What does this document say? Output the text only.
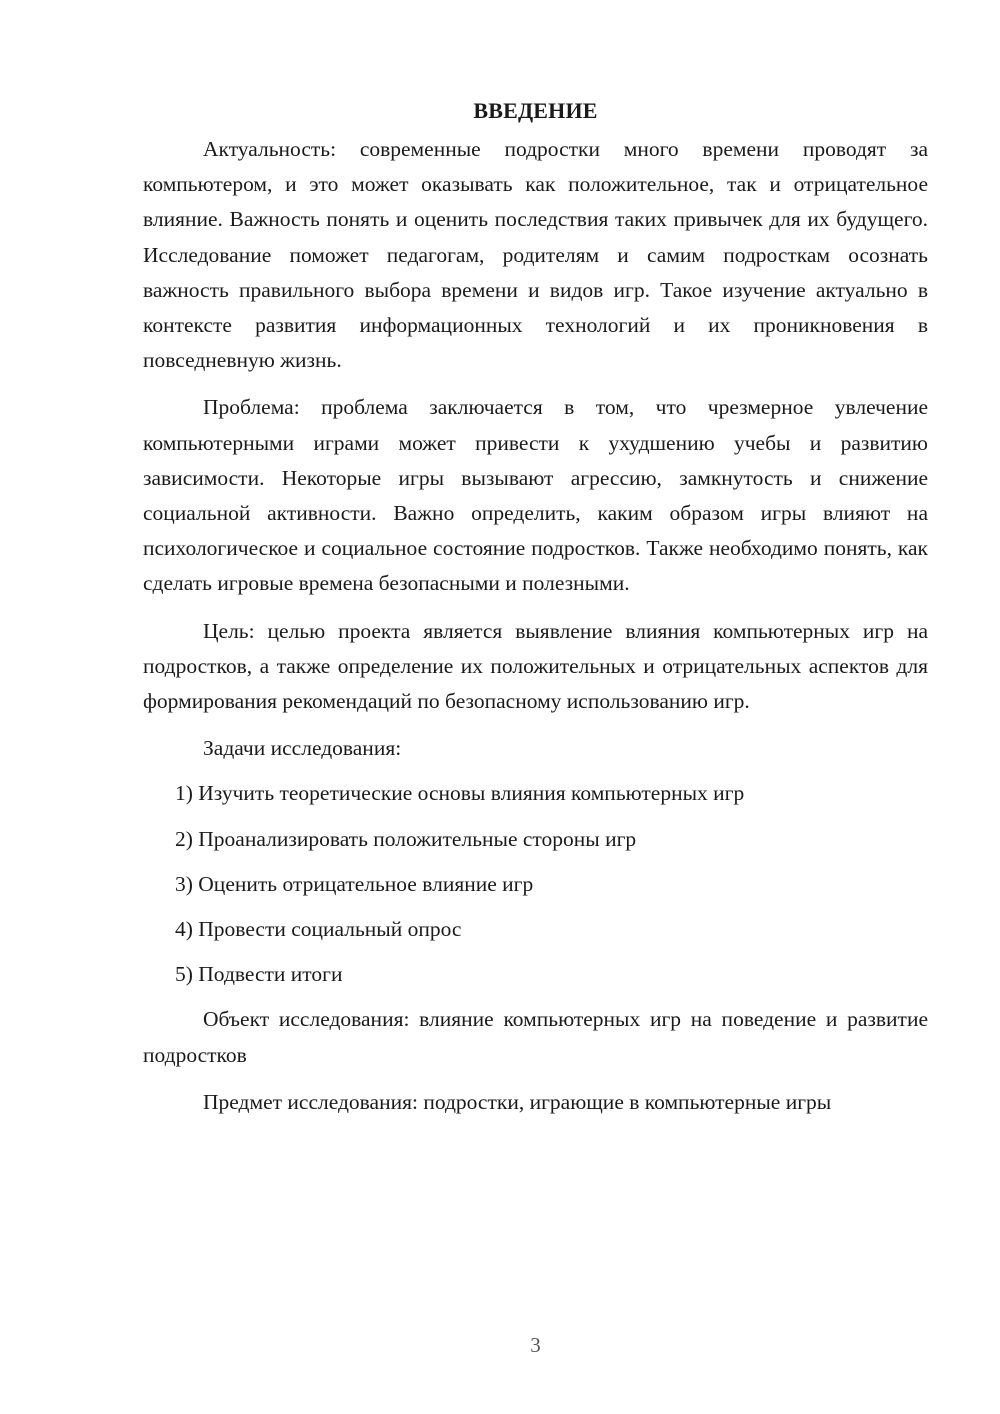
ВВЕДЕНИЕ

Актуальность: современные подростки много времени проводят за компьютером, и это может оказывать как положительное, так и отрицательное влияние. Важность понять и оценить последствия таких привычек для их будущего. Исследование поможет педагогам, родителям и самим подросткам осознать важность правильного выбора времени и видов игр. Такое изучение актуально в контексте развития информационных технологий и их проникновения в повседневную жизнь.

Проблема: проблема заключается в том, что чрезмерное увлечение компьютерными играми может привести к ухудшению учебы и развитию зависимости. Некоторые игры вызывают агрессию, замкнутость и снижение социальной активности. Важно определить, каким образом игры влияют на психологическое и социальное состояние подростков. Также необходимо понять, как сделать игровые времена безопасными и полезными.

Цель: целью проекта является выявление влияния компьютерных игр на подростков, а также определение их положительных и отрицательных аспектов для формирования рекомендаций по безопасному использованию игр.

Задачи исследования:

1) Изучить теоретические основы влияния компьютерных игр
2) Проанализировать положительные стороны игр
3) Оценить отрицательное влияние игр
4) Провести социальный опрос
5) Подвести итоги

Объект исследования: влияние компьютерных игр на поведение и развитие подростков

Предмет исследования: подростки, играющие в компьютерные игры

3
